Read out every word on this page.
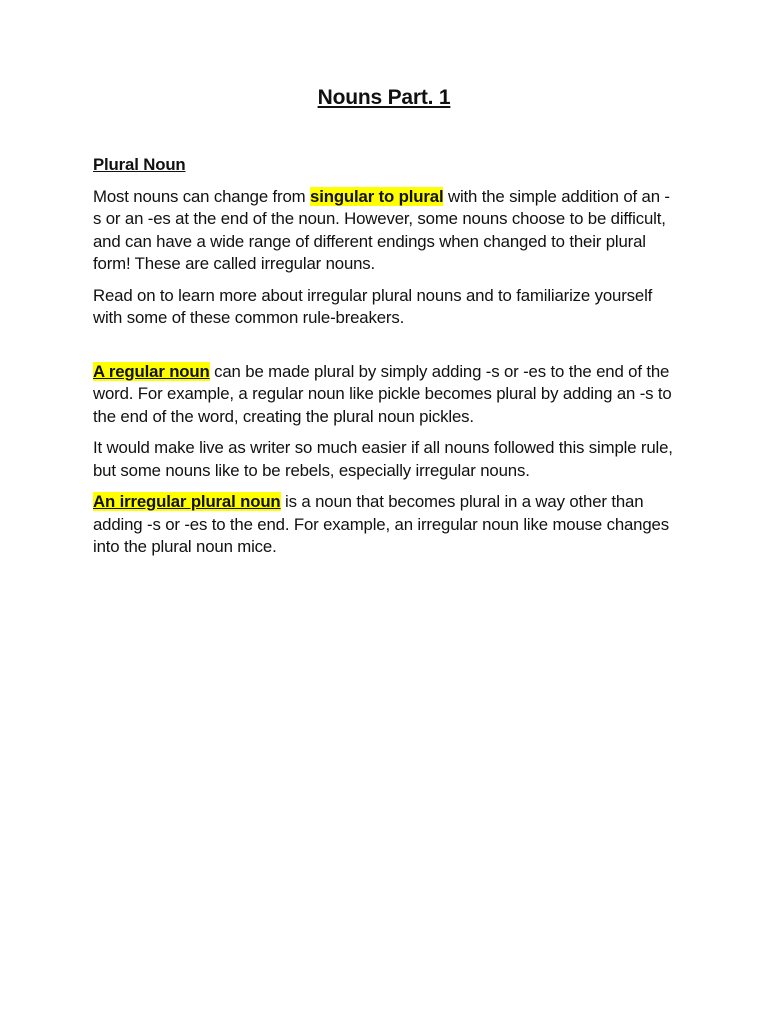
Nouns Part. 1

Plural Noun

Most nouns can change from singular to plural with the simple addition of an -s or an -es at the end of the noun. However, some nouns choose to be difficult, and can have a wide range of different endings when changed to their plural form! These are called irregular nouns.

Read on to learn more about irregular plural nouns and to familiarize yourself with some of these common rule-breakers.

A regular noun can be made plural by simply adding -s or -es to the end of the word. For example, a regular noun like pickle becomes plural by adding an -s to the end of the word, creating the plural noun pickles.

It would make live as writer so much easier if all nouns followed this simple rule, but some nouns like to be rebels, especially irregular nouns.

An irregular plural noun is a noun that becomes plural in a way other than adding -s or -es to the end. For example, an irregular noun like mouse changes into the plural noun mice.
